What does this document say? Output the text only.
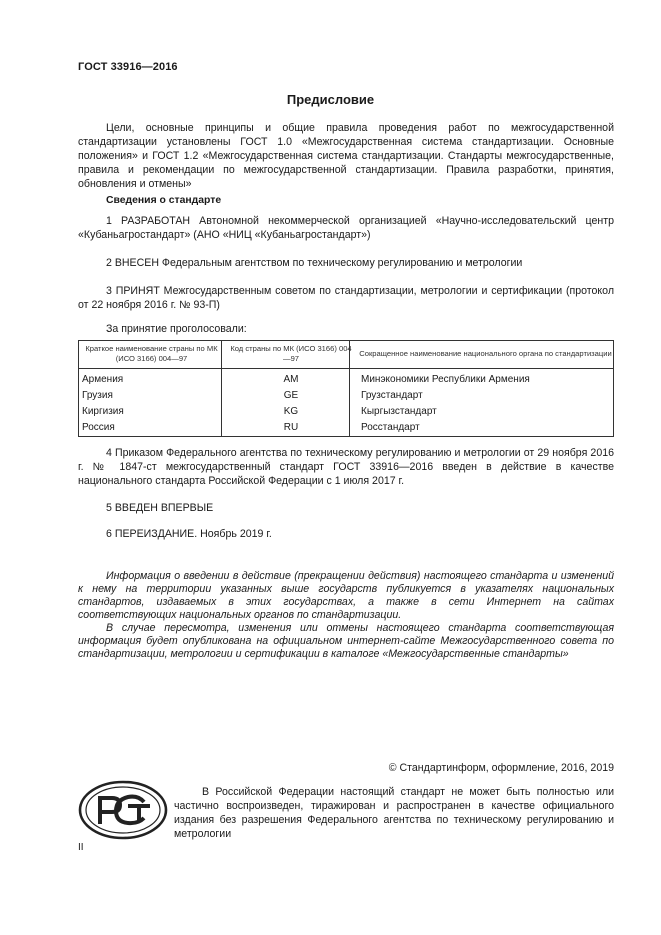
ГОСТ 33916—2016
Предисловие
Цели, основные принципы и общие правила проведения работ по межгосударственной стандартизации установлены ГОСТ 1.0 «Межгосударственная система стандартизации. Основные положения» и ГОСТ 1.2 «Межгосударственная система стандартизации. Стандарты межгосударственные, правила и рекомендации по межгосударственной стандартизации. Правила разработки, принятия, обновления и отмены»
Сведения о стандарте
1 РАЗРАБОТАН Автономной некоммерческой организацией «Научно-исследовательский центр «Кубаньагростандарт» (АНО «НИЦ «Кубаньагростандарт»)
2 ВНЕСЕН Федеральным агентством по техническому регулированию и метрологии
3 ПРИНЯТ Межгосударственным советом по стандартизации, метрологии и сертификации (протокол от 22 ноября 2016 г. № 93-П)
За принятие проголосовали:
Краткое наименование страны по МК (ИСО 3166) 004—97	Код страны по МК (ИСО 3166) 004—97	Сокращенное наименование национального органа по стандартизации
Армения	AM	Минэкономики Республики Армения
Грузия	GE	Грузстандарт
Киргизия	KG	Кыргызстандарт
Россия	RU	Росстандарт
4 Приказом Федерального агентства по техническому регулированию и метрологии от 29 ноября 2016 г. № 1847-ст межгосударственный стандарт ГОСТ 33916—2016 введен в действие в качестве национального стандарта Российской Федерации с 1 июля 2017 г.
5 ВВЕДЕН ВПЕРВЫЕ
6 ПЕРЕИЗДАНИЕ. Ноябрь 2019 г.
Информация о введении в действие (прекращении действия) настоящего стандарта и изменений к нему на территории указанных выше государств публикуется в указателях национальных стандартов, издаваемых в этих государствах, а также в сети Интернет на сайтах соответствующих национальных органов по стандартизации.
В случае пересмотра, изменения или отмены настоящего стандарта соответствующая информация будет опубликована на официальном интернет-сайте Межгосударственного совета по стандартизации, метрологии и сертификации в каталоге «Межгосударственные стандарты»
© Стандартинформ, оформление, 2016, 2019
В Российской Федерации настоящий стандарт не может быть полностью или частично воспроизведен, тиражирован и распространен в качестве официального издания без разрешения Федерального агентства по техническому регулированию и метрологии
II
